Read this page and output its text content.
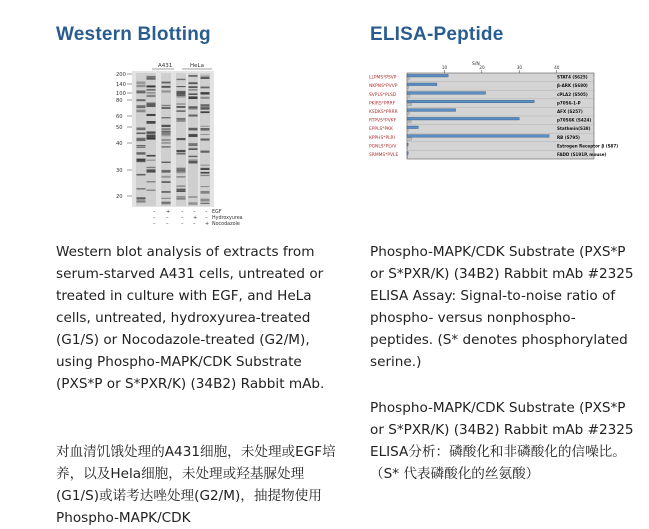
Western Blotting
A431	HeLa
200
140
100
80
60
50
40
30
20
– + – – – EGF
– –	– + – Hydroxyurea
– –	– – + Nocodazole

Western blot analysis of extracts from serum-starved A431 cells, untreated or treated in culture with EGF, and HeLa cells, untreated, hydroxyurea-treated (G1/S) or Nocodazole-treated (G2/M), using Phospho-MAPK/CDK Substrate (PXS*P or S*PXR/K) (34B2) Rabbit mAb.

对血清饥饿处理的A431细胞，未处理或EGF培养，以及Hela细胞，未处理或羟基脲处理(G1/S)或诺考达唑处理(G2/M)，抽提物使用Phospho-MAPK/CDK

ELISA-Peptide
S/N
10	20	30	40
LLPMS*PSVP	STAT4 (S625)
NKPNS*PVVP	β-ARK (S680)
SVPLS*PLSD	cPLA2 (S505)
PKIRS*PRRF	p70S6-1-P
KSDKS*PRRR	AFX (S257)
RTPVS*PVKF	p70S6K (S424)
EPPLS*PKK	Stathmin(S38)
KPPHS*PLRI	RB (S795)
PGNLS*PLVV	Estrogen Receptor β (S87)
SRMMS*PVLE	FADD (S191P, mouse)

Phospho-MAPK/CDK Substrate (PXS*P or S*PXR/K) (34B2) Rabbit mAb #2325 ELISA Assay: Signal-to-noise ratio of phospho- versus nonphospho-peptides. (S* denotes phosphorylated serine.)

Phospho-MAPK/CDK Substrate (PXS*P or S*PXR/K) (34B2) Rabbit mAb #2325 ELISA分析：磷酸化和非磷酸化的信噪比。（S* 代表磷酸化的丝氨酸）
